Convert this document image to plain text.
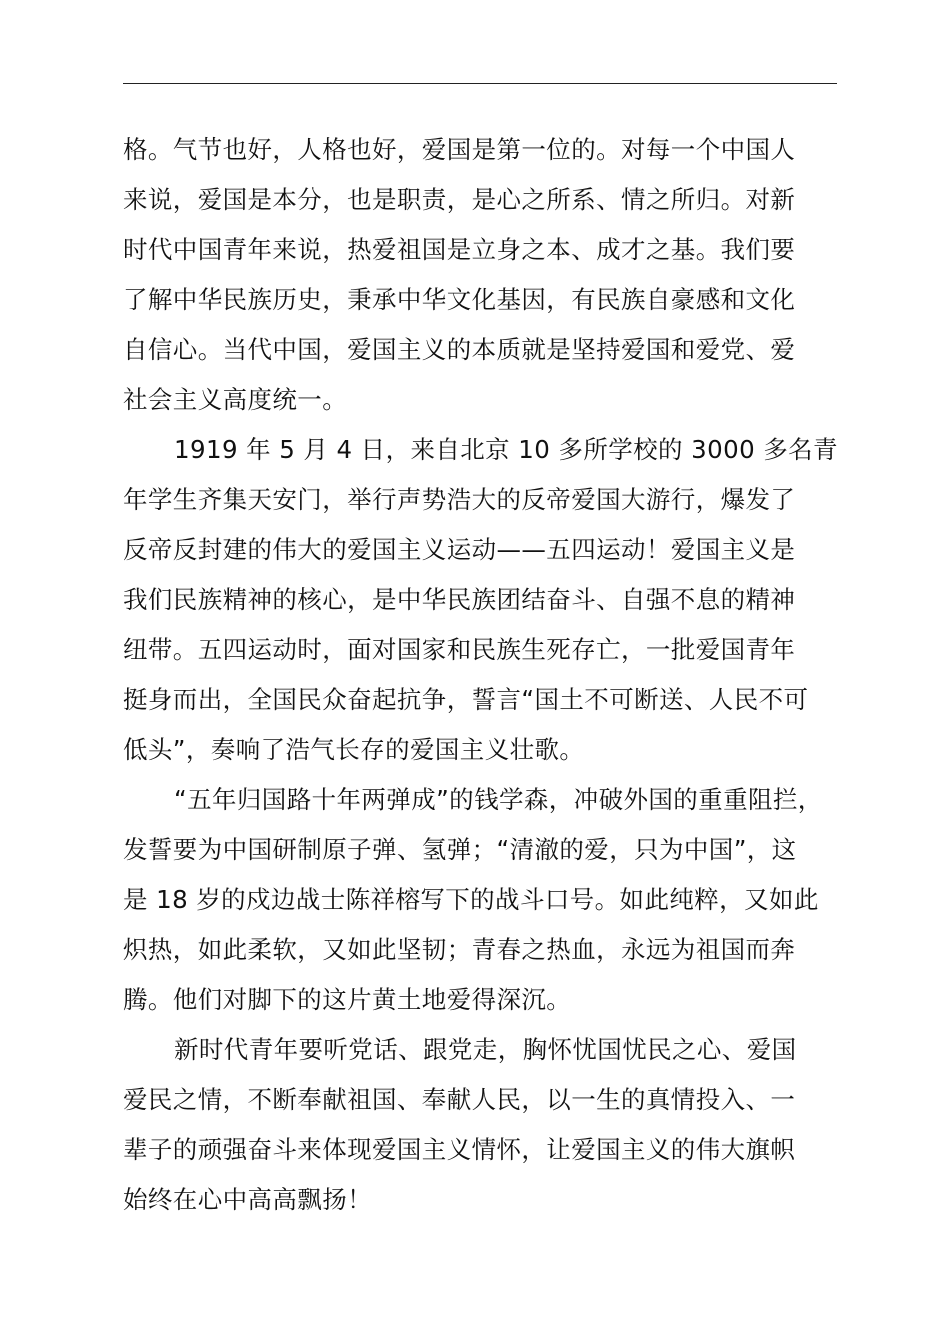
格。气节也好，人格也好，爱国是第一位的。对每一个中国人
来说，爱国是本分，也是职责，是心之所系、情之所归。对新
时代中国青年来说，热爱祖国是立身之本、成才之基。我们要
了解中华民族历史，秉承中华文化基因，有民族自豪感和文化
自信心。当代中国，爱国主义的本质就是坚持爱国和爱党、爱
社会主义高度统一。
1919 年 5 月 4 日，来自北京 10 多所学校的 3000 多名青
年学生齐集天安门，举行声势浩大的反帝爱国大游行，爆发了
反帝反封建的伟大的爱国主义运动——五四运动！爱国主义是
我们民族精神的核心，是中华民族团结奋斗、自强不息的精神
纽带。五四运动时，面对国家和民族生死存亡，一批爱国青年
挺身而出，全国民众奋起抗争，誓言“国土不可断送、人民不可
低头”，奏响了浩气长存的爱国主义壮歌。
“五年归国路十年两弹成”的钱学森，冲破外国的重重阻拦，
发誓要为中国研制原子弹、氢弹；“清澈的爱，只为中国”，这
是 18 岁的戍边战士陈祥榕写下的战斗口号。如此纯粹，又如此
炽热，如此柔软，又如此坚韧；青春之热血，永远为祖国而奔
腾。他们对脚下的这片黄土地爱得深沉。
新时代青年要听党话、跟党走，胸怀忧国忧民之心、爱国
爱民之情，不断奉献祖国、奉献人民，以一生的真情投入、一
辈子的顽强奋斗来体现爱国主义情怀，让爱国主义的伟大旗帜
始终在心中高高飘扬！
